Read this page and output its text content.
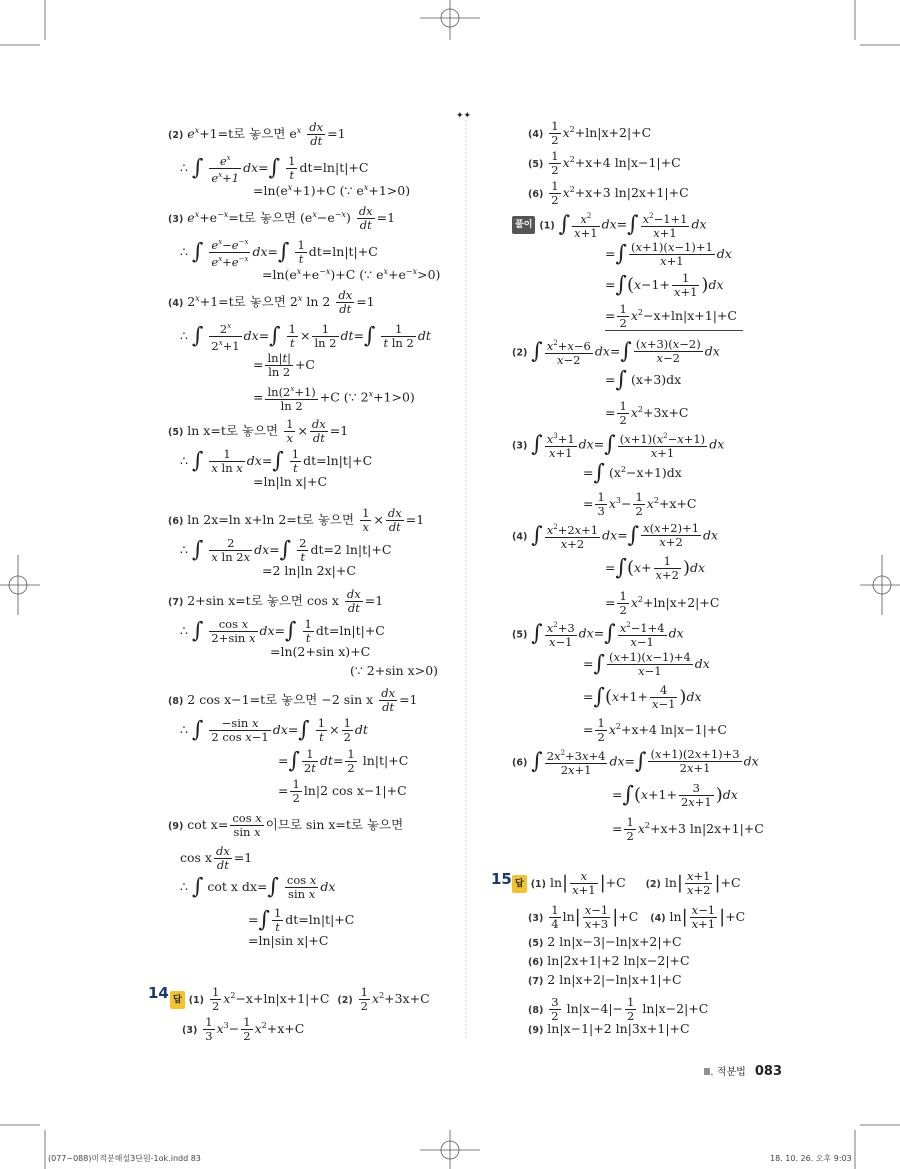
✦✦
(2) $e^x+1=t$로 놓으면 $e^x \frac{dx}{dt} =1$
∴ ∫ $\frac{e^x}{e^x+1} dx=\int \frac{1}{t} dt=\ln|t|+C$
$=\ln(e^x+1)+C$ (∵ $e^x+1>0$)
(3) $e^x+e^{-x}=t$로 놓으면 $(e^x-e^{-x}) \frac{dx}{dt} =1$
∴ ∫ $\frac{e^x-e^{-x}}{e^x+e^{-x}} dx=\int \frac{1}{t} dt=\ln|t|+C$
$=\ln(e^x+e^{-x})+C$ (∵ $e^x+e^{-x}>0$)
(4) $2^x+1=t$로 놓으면 2$^x$ $\ln 2 \frac{dx}{dt} =1$
∴ ∫ $\frac{2^x}{2^x+1} dx=\int \frac{1}{t} \times \frac{1}{\ln 2} dt=\int \frac{1}{\text{t ln 2}}$ dt
= $\frac{\ln|t|}{\ln 2} +C$
= $\frac{\ln(2^x+1)}{\ln 2} +C$ (∵ $2^x+1>0$)
(5) ln x=t로 놓으면 $\frac{1}{x} \times \frac{dx}{dt} =1$
∴ ∫ $\frac{1}{\text{x ln x}} dx=\int \frac{1}{t} dt=\ln|t|+C$
=ln|ln x|+C
(6) ln 2x=ln x+ln 2=t로 놓으면 $\frac{1}{x} \times \frac{dx}{dt} =1$
∴ ∫ $\frac{2}{\text{x ln 2x}} dx=\int \frac{2}{t} dt=2$ ln|t|+C
=2 ln|ln 2x|+C
(7) 2+sin x=t로 놓으면 cos x $\frac{dx}{dt} =1$
∴ ∫ $\frac{\text{cos x}}{\text{2+sin x}} dx=\int \frac{1}{t} dt=\ln|t|+C$
=ln(2+sin x)+C
(∵ 2+sin x>0)
(8) 2 cos x−1=t로 놓으면 −2 sin x $\frac{dx}{dt} =1$
∴ ∫ $\frac{\text{−sin x}}{\text{2 cos x−1}} dx=\int \frac{1}{t} \times \frac{1}{2}$ dt
=∫ $\frac{1}{2t} dt= \frac{1}{2} \ln|t|+C$
= $\frac{1}{2} \ln|2$ cos x−1|+C
(9) $\cot x= \frac{\text{cos x}}{\text{sin x}}$ 이므로 sin x=t로 놓으면
cos x $\frac{dx}{dt} =1$
∴ ∫ cot x $dx=\int \frac{\text{cos x}}{\text{sin x}}$ dx
=∫ $\frac{1}{t} dt=\ln|t|+C$
=ln|sin x|+C
14 답 $(1) \frac{1}{2} x^2-x+\ln|x+1|+C$ $(2) \frac{1}{2} x^2+3x+C$
$(3) \frac{1}{3} x^3- \frac{1}{2} x^2+x+C$
$(4) \frac{1}{2} x^2+\ln|x+2|+C$
$(5) \frac{1}{2} x^2+x+4$ ln|x−1|+C
$(6) \frac{1}{2} x^2+x+3$ ln|2x+1|+C
풀이 (1) ∫ $\frac{x^2}{x+1} dx=\int \frac{x^2-1+1}{x+1}$ dx
=∫ $\frac{(x+1)(x-1)+1}{x+1}$ dx
$=\int(x-1+ \frac{1}{x+1} )dx$
= $\frac{1}{2} x^2-x+\ln|x+1|+C$
(2) ∫ $\frac{x^2+x-6}{x-2} dx=\int \frac{(x+3)(x-2)}{x-2}$ dx
=∫ (x+3)dx
= $\frac{1}{2} x^2+3x+C$
(3) ∫ $\frac{x^3+1}{x+1} dx=\int \frac{(x+1)(x^2-x+1)}{x+1}$ dx
=∫ $(x^2-x+1)dx$
= $\frac{1}{3} x^3- \frac{1}{2} x^2+x+C$
(4) ∫ $\frac{x^2+2x+1}{x+2} dx=\int \frac{x(x+2)+1}{x+2}$ dx
$=\int(x+ \frac{1}{x+2} )dx$
= $\frac{1}{2} x^2+\ln|x+2|+C$
(5) ∫ $\frac{x^2+3}{x-1} dx=\int \frac{x^2-1+4}{x-1}$ dx
=∫ $\frac{(x+1)(x-1)+4}{x-1}$ dx
$=\int(x+1+ \frac{4}{x-1} )dx$
= $\frac{1}{2} x^2+x+4$ ln|x−1|+C
(6) ∫ $\frac{2x^2+3x+4}{2x+1} dx=\int \frac{(x+1)(2x+1)+3}{2x+1}$ dx
$=\int(x+1+ \frac{3}{2x+1} )dx$
= $\frac{1}{2} x^2+x+3$ ln|2x+1|+C
15 답 (1) $\ln| \frac{x}{x+1} |+C$ (2) $\ln| \frac{x+1}{x+2} |+C$
$(3) \frac{1}{4} \ln| \frac{x-1}{x+3} |+C$ (4) $\ln| \frac{x-1}{x+1} |+C$
(5) 2 ln|x−3|−ln|x+2|+C
(6) ln|2x+1|+2 ln|x−2|+C
(7) 2 ln|x+2|−ln|x+1|+C
$(8) \frac{3}{2} \ln|x-4|- \frac{1}{2} \ln|x-2|+C$
(9) ln|x−1|+2 ln|3x+1|+C
Ⅲ. 적분법 083
(077~088)미적분해설3단원-1ok.indd 83	18. 10. 26. 오후 9:03
